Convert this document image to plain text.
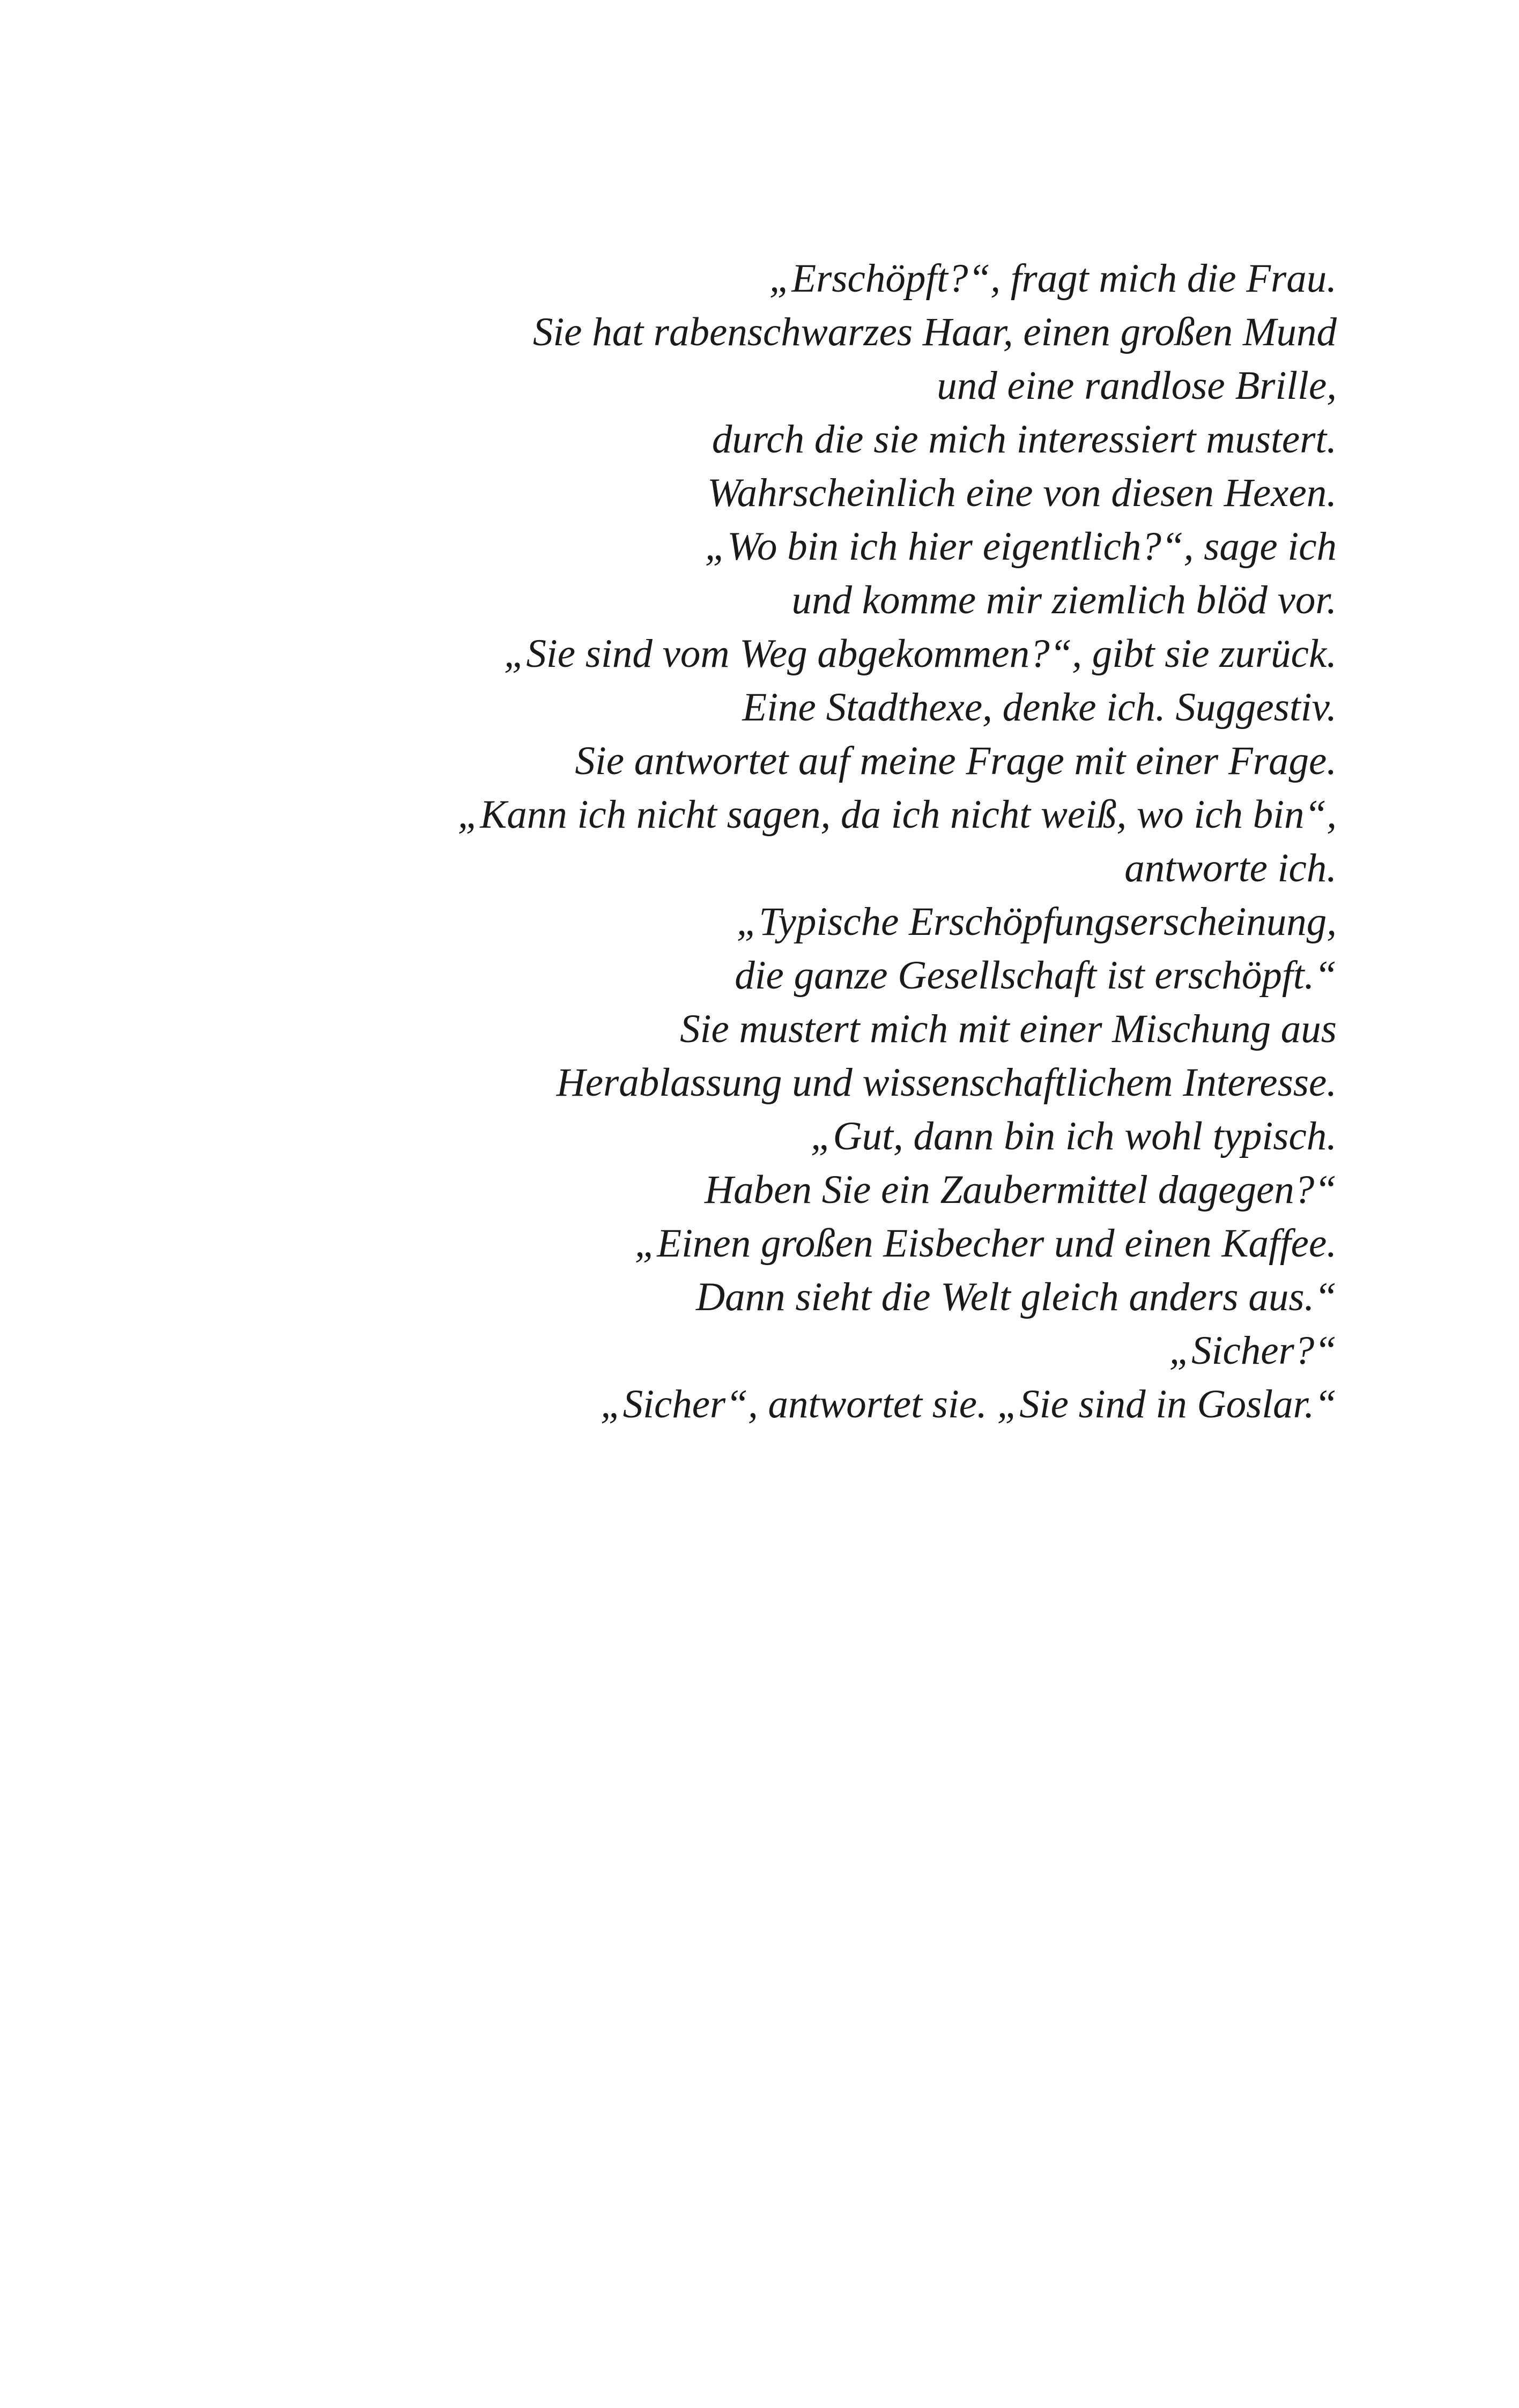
„Erschöpft?“, fragt mich die Frau.
Sie hat rabenschwarzes Haar, einen großen Mund
und eine randlose Brille,
durch die sie mich interessiert mustert.
Wahrscheinlich eine von diesen Hexen.
„Wo bin ich hier eigentlich?“, sage ich
und komme mir ziemlich blöd vor.
„Sie sind vom Weg abgekommen?“, gibt sie zurück.
Eine Stadthexe, denke ich. Suggestiv.
Sie antwortet auf meine Frage mit einer Frage.
„Kann ich nicht sagen, da ich nicht weiß, wo ich bin“,
antworte ich.
„Typische Erschöpfungserscheinung,
die ganze Gesellschaft ist erschöpft.“
Sie mustert mich mit einer Mischung aus
Herablassung und wissenschaftlichem Interesse.
„Gut, dann bin ich wohl typisch.
Haben Sie ein Zaubermittel dagegen?“
„Einen großen Eisbecher und einen Kaffee.
Dann sieht die Welt gleich anders aus.“
„Sicher?“
„Sicher“, antwortet sie. „Sie sind in Goslar.“
